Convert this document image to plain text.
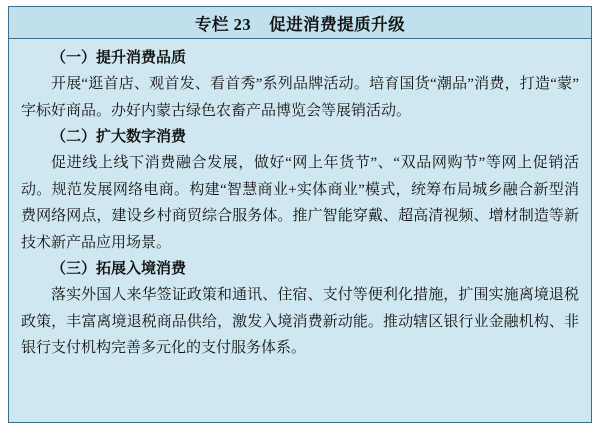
专栏 23 促进消费提质升级
（一）提升消费品质

开展“逛首店、观首发、看首秀”系列品牌活动。培育国货“潮品”消费，打造“蒙”字标好商品。办好内蒙古绿色农畜产品博览会等展销活动。

（二）扩大数字消费

促进线上线下消费融合发展，做好“网上年货节”、“双品网购节”等网上促销活动。规范发展网络电商。构建“智慧商业+实体商业”模式，统筹布局城乡融合新型消费网络网点，建设乡村商贸综合服务体。推广智能穿戴、超高清视频、增材制造等新技术新产品应用场景。

（三）拓展入境消费

落实外国人来华签证政策和通讯、住宿、支付等便利化措施，扩围实施离境退税政策，丰富离境退税商品供给，激发入境消费新动能。推动辖区银行业金融机构、非银行支付机构完善多元化的支付服务体系。
